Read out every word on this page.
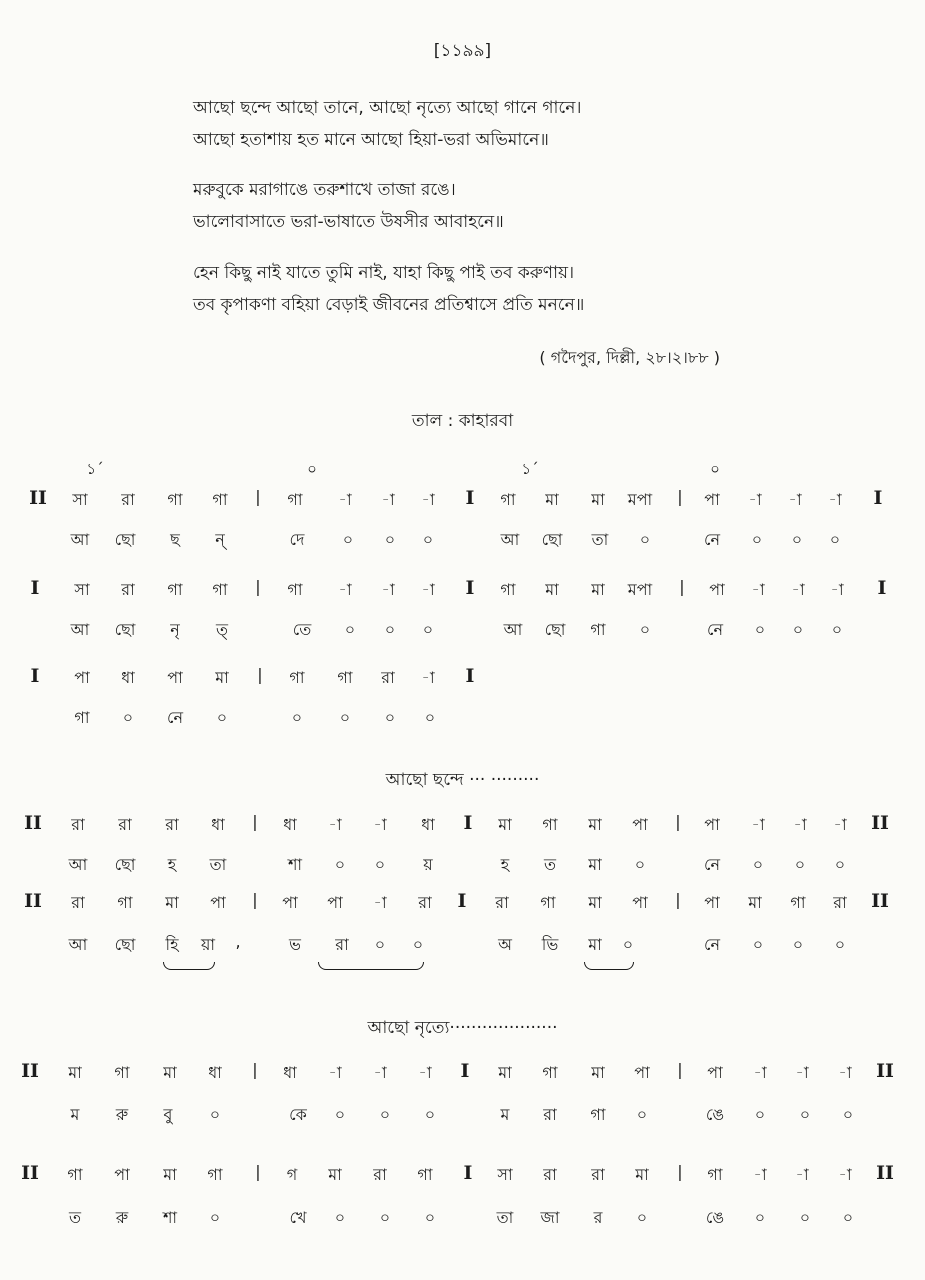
[১১৯৯]
আছো ছন্দে আছো তানে, আছো নৃত্যে আছো গানে গানে।
আছো হতাশায় হত মানে আছো হিয়া-ভরা অভিমানে॥
মরুবুকে মরাগাঙে তরুশাখে তাজা রঙে।
ভালোবাসাতে ভরা-ভাষাতে উষসীর আবাহনে॥
হেন কিছু নাই যাতে তুমি নাই, যাহা কিছু পাই তব করুণায়।
তব কৃপাকণা বহিয়া বেড়াই জীবনের প্রতিশ্বাসে প্রতি মননে॥
( গদৈপুর, দিল্লী, ২৮।২।৮৮ )
তাল : কাহারবা
১´	০	১´	০
II সা রা গা গা | গা -া -া -া I গা মা মা মপা | পা -া -া -া I
আ ছো ছ ন্	দে ০ ০ ০	আ ছো তা ০	নে ০ ০ ০
I সা রা গা গা | গা -া -া -া I গা মা মা মপা | পা -া -া -া I
আ ছো নৃ ত্	তে ০ ০ ০	আ ছো গা ০	নে ০ ০ ০
I পা ধা পা মা | গা গা রা -া I
গা ০ নে ০	০ ০ ০ ০
II রা রা রা ধা | ধা -া -া ধা I মা গা মা পা | পা -া -া -া II
আ ছো হ তা	শা ০ ০ য়	হ ত মা ০	নে ০ ০ ০
II রা গা মা পা | পা পা -া রা I রা গা মা পা | পা মা গা রা II
আ ছো হি য়া ,	ভ রা ০ ০	অ ভি মা ০	নে ০ ০ ০
II মা গা মা ধা | ধা -া -া -া I মা গা মা পা | পা -া -া -া II
ম রু বু ০	কে ০ ০ ০	ম রা গা ০	ঙে ০ ০ ০
II গা পা মা গা | গ মা রা গা I সা রা রা মা | গা -া -া -া II
ত রু শা ০	খে ০ ০ ০	তা জা র ০	ঙে ০ ০ ০
আছো ছন্দে ··· ·········
আছো নৃত্যে····················
